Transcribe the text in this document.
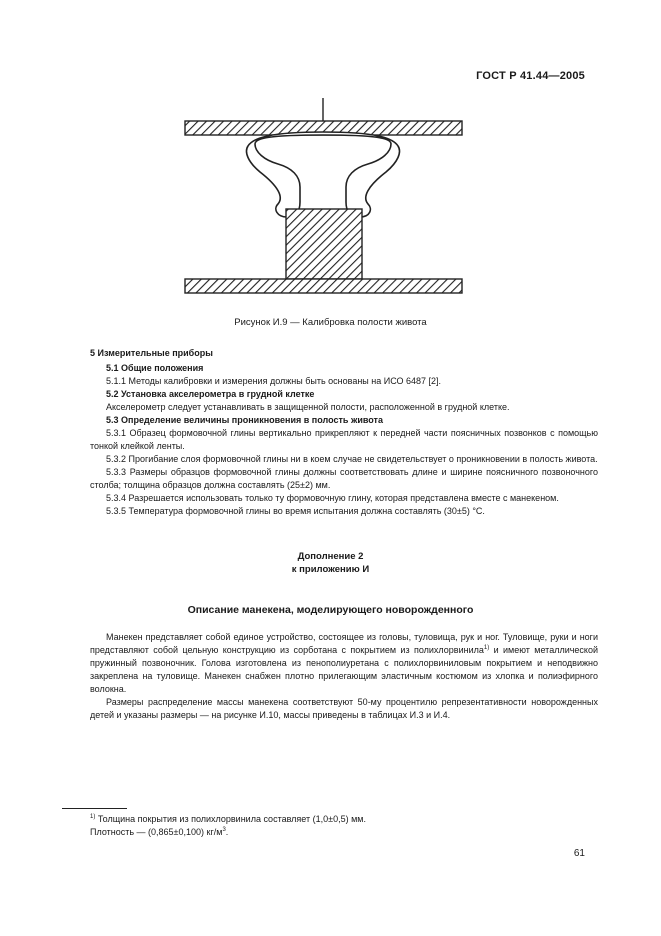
ГОСТ Р 41.44—2005
Рисунок И.9 — Калибровка полости живота

5 Измерительные приборы

5.1 Общие положения

5.1.1 Методы калибровки и измерения должны быть основаны на ИСО 6487 [2].

5.2 Установка акселерометра в грудной клетке

Акселерометр следует устанавливать в защищенной полости, расположенной в грудной клетке.

5.3 Определение величины проникновения в полость живота

5.3.1 Образец формовочной глины вертикально прикрепляют к передней части поясничных позвонков с помощью тонкой клейкой ленты.

5.3.2 Прогибание слоя формовочной глины ни в коем случае не свидетельствует о проникновении в полость живота.

5.3.3 Размеры образцов формовочной глины должны соответствовать длине и ширине поясничного позвоночного столба; толщина образцов должна составлять (25±2) мм.

5.3.4 Разрешается использовать только ту формовочную глину, которая представлена вместе с манекеном.

5.3.5 Температура формовочной глины во время испытания должна составлять (30±5) °С.

Дополнение 2
к приложению И
Описание манекена, моделирующего новорожденного

Манекен представляет собой единое устройство, состоящее из головы, туловища, рук и ног. Туловище, руки и ноги представляют собой цельную конструкцию из сорботана с покрытием из полихлорвинила$^{1)}$ и имеют металлической пружинный позвоночник. Голова изготовлена из пенополиуретана с полихлорвиниловым покрытием и неподвижно закреплена на туловище. Манекен снабжен плотно прилегающим эластичным костюмом из хлопка и полиэфирного волокна.

Размеры распределение массы манекена соответствуют 50-му процентилю репрезентативности новорожденных детей и указаны размеры — на рисунке И.10, массы приведены в таблицах И.3 и И.4.

$^{1)}$ Толщина покрытия из полихлорвинила составляет (1,0±0,5) мм.
Плотность — (0,865±0,100) $кг/м^3$.
61
